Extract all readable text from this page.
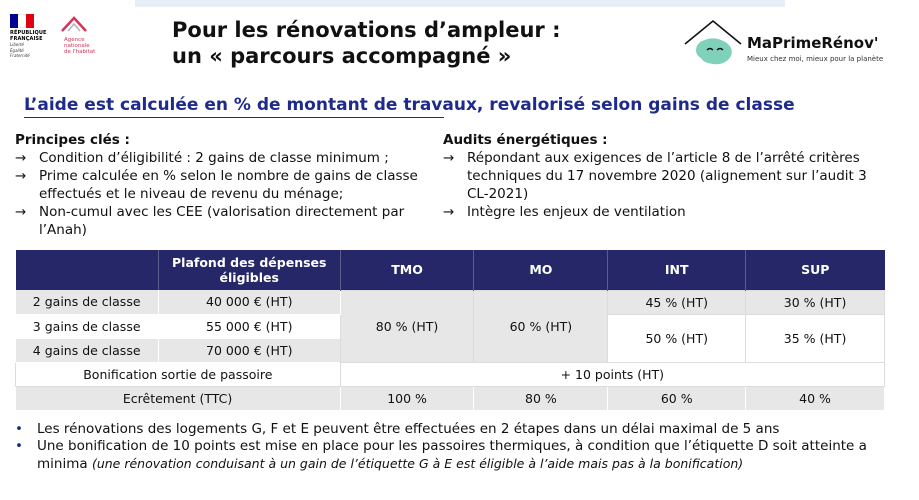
RÉPUBLIQUE
FRANÇAISE
Liberté
Égalité
Fraternité
Agence
nationale
de l'habitat
Pour les rénovations d’ampleur :
un « parcours accompagné »
MaPrimeRénov'
Mieux chez moi, mieux pour la planète
L’aide est calculée en % de montant de travaux, revalorisé selon gains de classe
Principes clés :
→ Condition d’éligibilité : 2 gains de classe minimum ;
→ Prime calculée en % selon le nombre de gains de classe effectués et le niveau de revenu du ménage;
→ Non-cumul avec les CEE (valorisation directement par l’Anah)
Audits énergétiques :
→ Répondant aux exigences de l’article 8 de l’arrêté critères techniques du 17 novembre 2020 (alignement sur l’audit 3 CL-2021)
→ Intègre les enjeux de ventilation
	Plafond des dépenses éligibles	TMO	MO	INT	SUP
2 gains de classe	40 000 € (HT)	80 % (HT)	60 % (HT)	45 % (HT)	30 % (HT)
3 gains de classe	55 000 € (HT)			50 % (HT)	35 % (HT)
4 gains de classe	70 000 € (HT)				
Bonification sortie de passoire		+ 10 points (HT)			
Ecrêtement (TTC)		100 %	80 %	60 %	40 %
•	Les rénovations des logements G, F et E peuvent être effectuées en 2 étapes dans un délai maximal de 5 ans
•	Une bonification de 10 points est mise en place pour les passoires thermiques, à condition que l’étiquette D soit atteinte a minima (une rénovation conduisant à un gain de l’étiquette G à E est éligible à l’aide mais pas à la bonification)
